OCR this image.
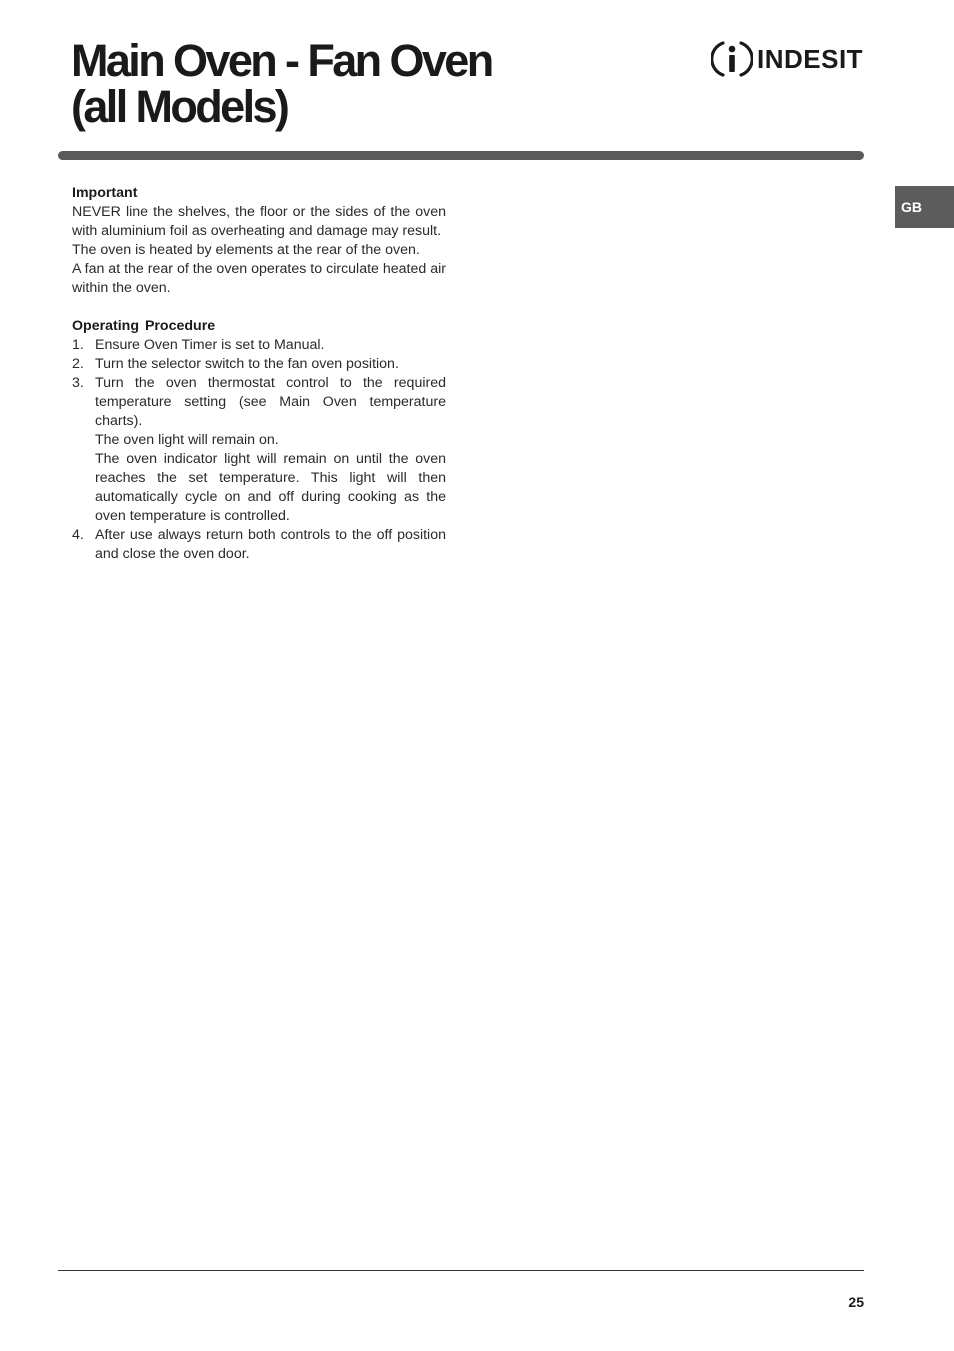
Main Oven - Fan Oven
(all Models)
INDESIT
GB

Important

NEVER line the shelves, the floor or the sides of the oven with aluminium foil as overheating and damage may result.

The oven is heated by elements at the rear of the oven.

A fan at the rear of the oven operates to circulate heated air within the oven.

Operating Procedure

1. Ensure Oven Timer is set to Manual.
2. Turn the selector switch to the fan oven position.
3. Turn the oven thermostat control to the required temperature setting (see Main Oven temperature charts).
The oven light will remain on.
The oven indicator light will remain on until the oven reaches the set temperature. This light will then automatically cycle on and off during cooking as the oven temperature is controlled.
4. After use always return both controls to the off position and close the oven door.
25
